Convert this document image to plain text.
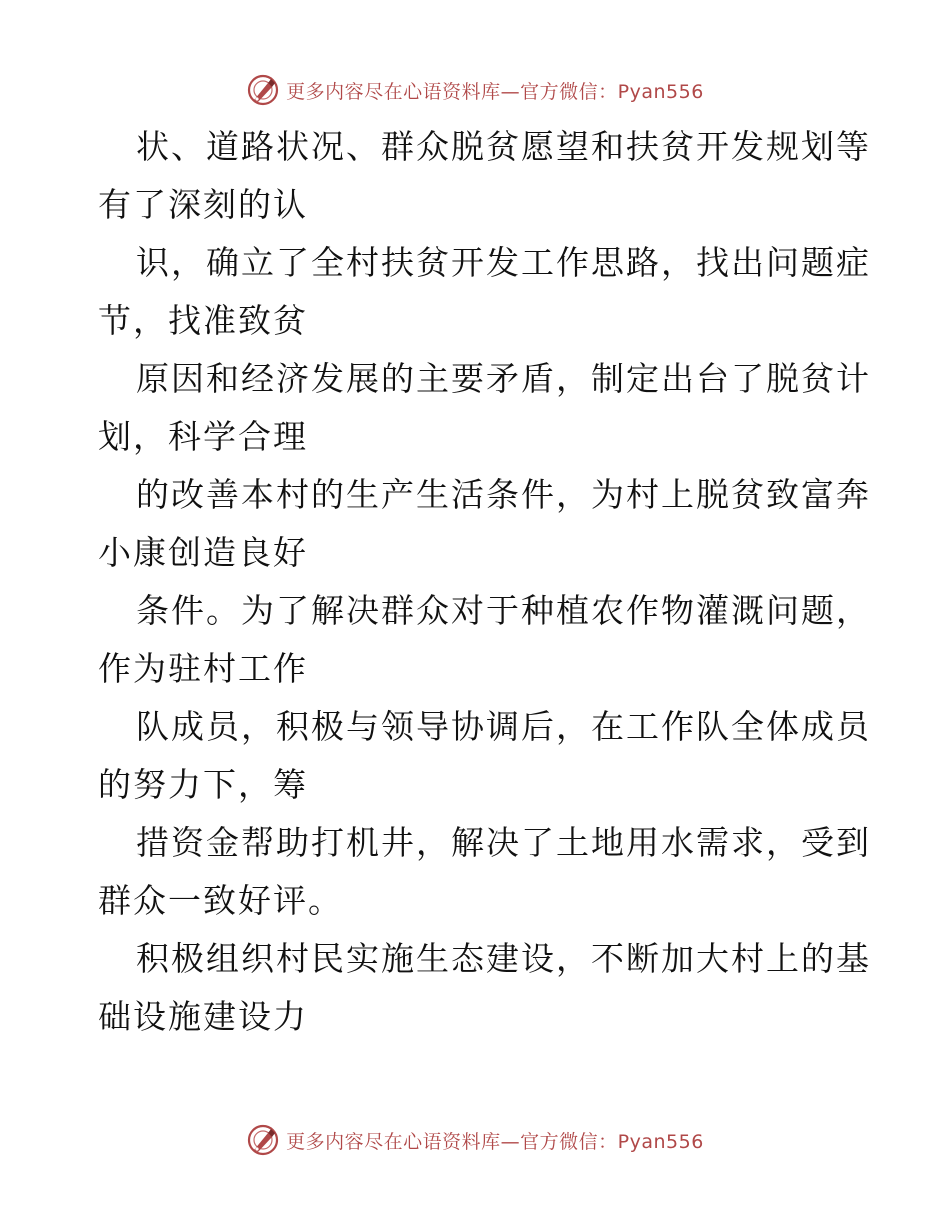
更多内容尽在心语资料库—官方微信：Pyan556
状、道路状况、群众脱贫愿望和扶贫开发规划等
有了深刻的认
识，确立了全村扶贫开发工作思路，找出问题症
节，找准致贫
原因和经济发展的主要矛盾，制定出台了脱贫计
划，科学合理
的改善本村的生产生活条件，为村上脱贫致富奔
小康创造良好
条件。为了解决群众对于种植农作物灌溉问题，
作为驻村工作
队成员，积极与领导协调后，在工作队全体成员
的努力下，筹
措资金帮助打机井，解决了土地用水需求，受到
群众一致好评。
积极组织村民实施生态建设，不断加大村上的基
础设施建设力
更多内容尽在心语资料库—官方微信：Pyan556
